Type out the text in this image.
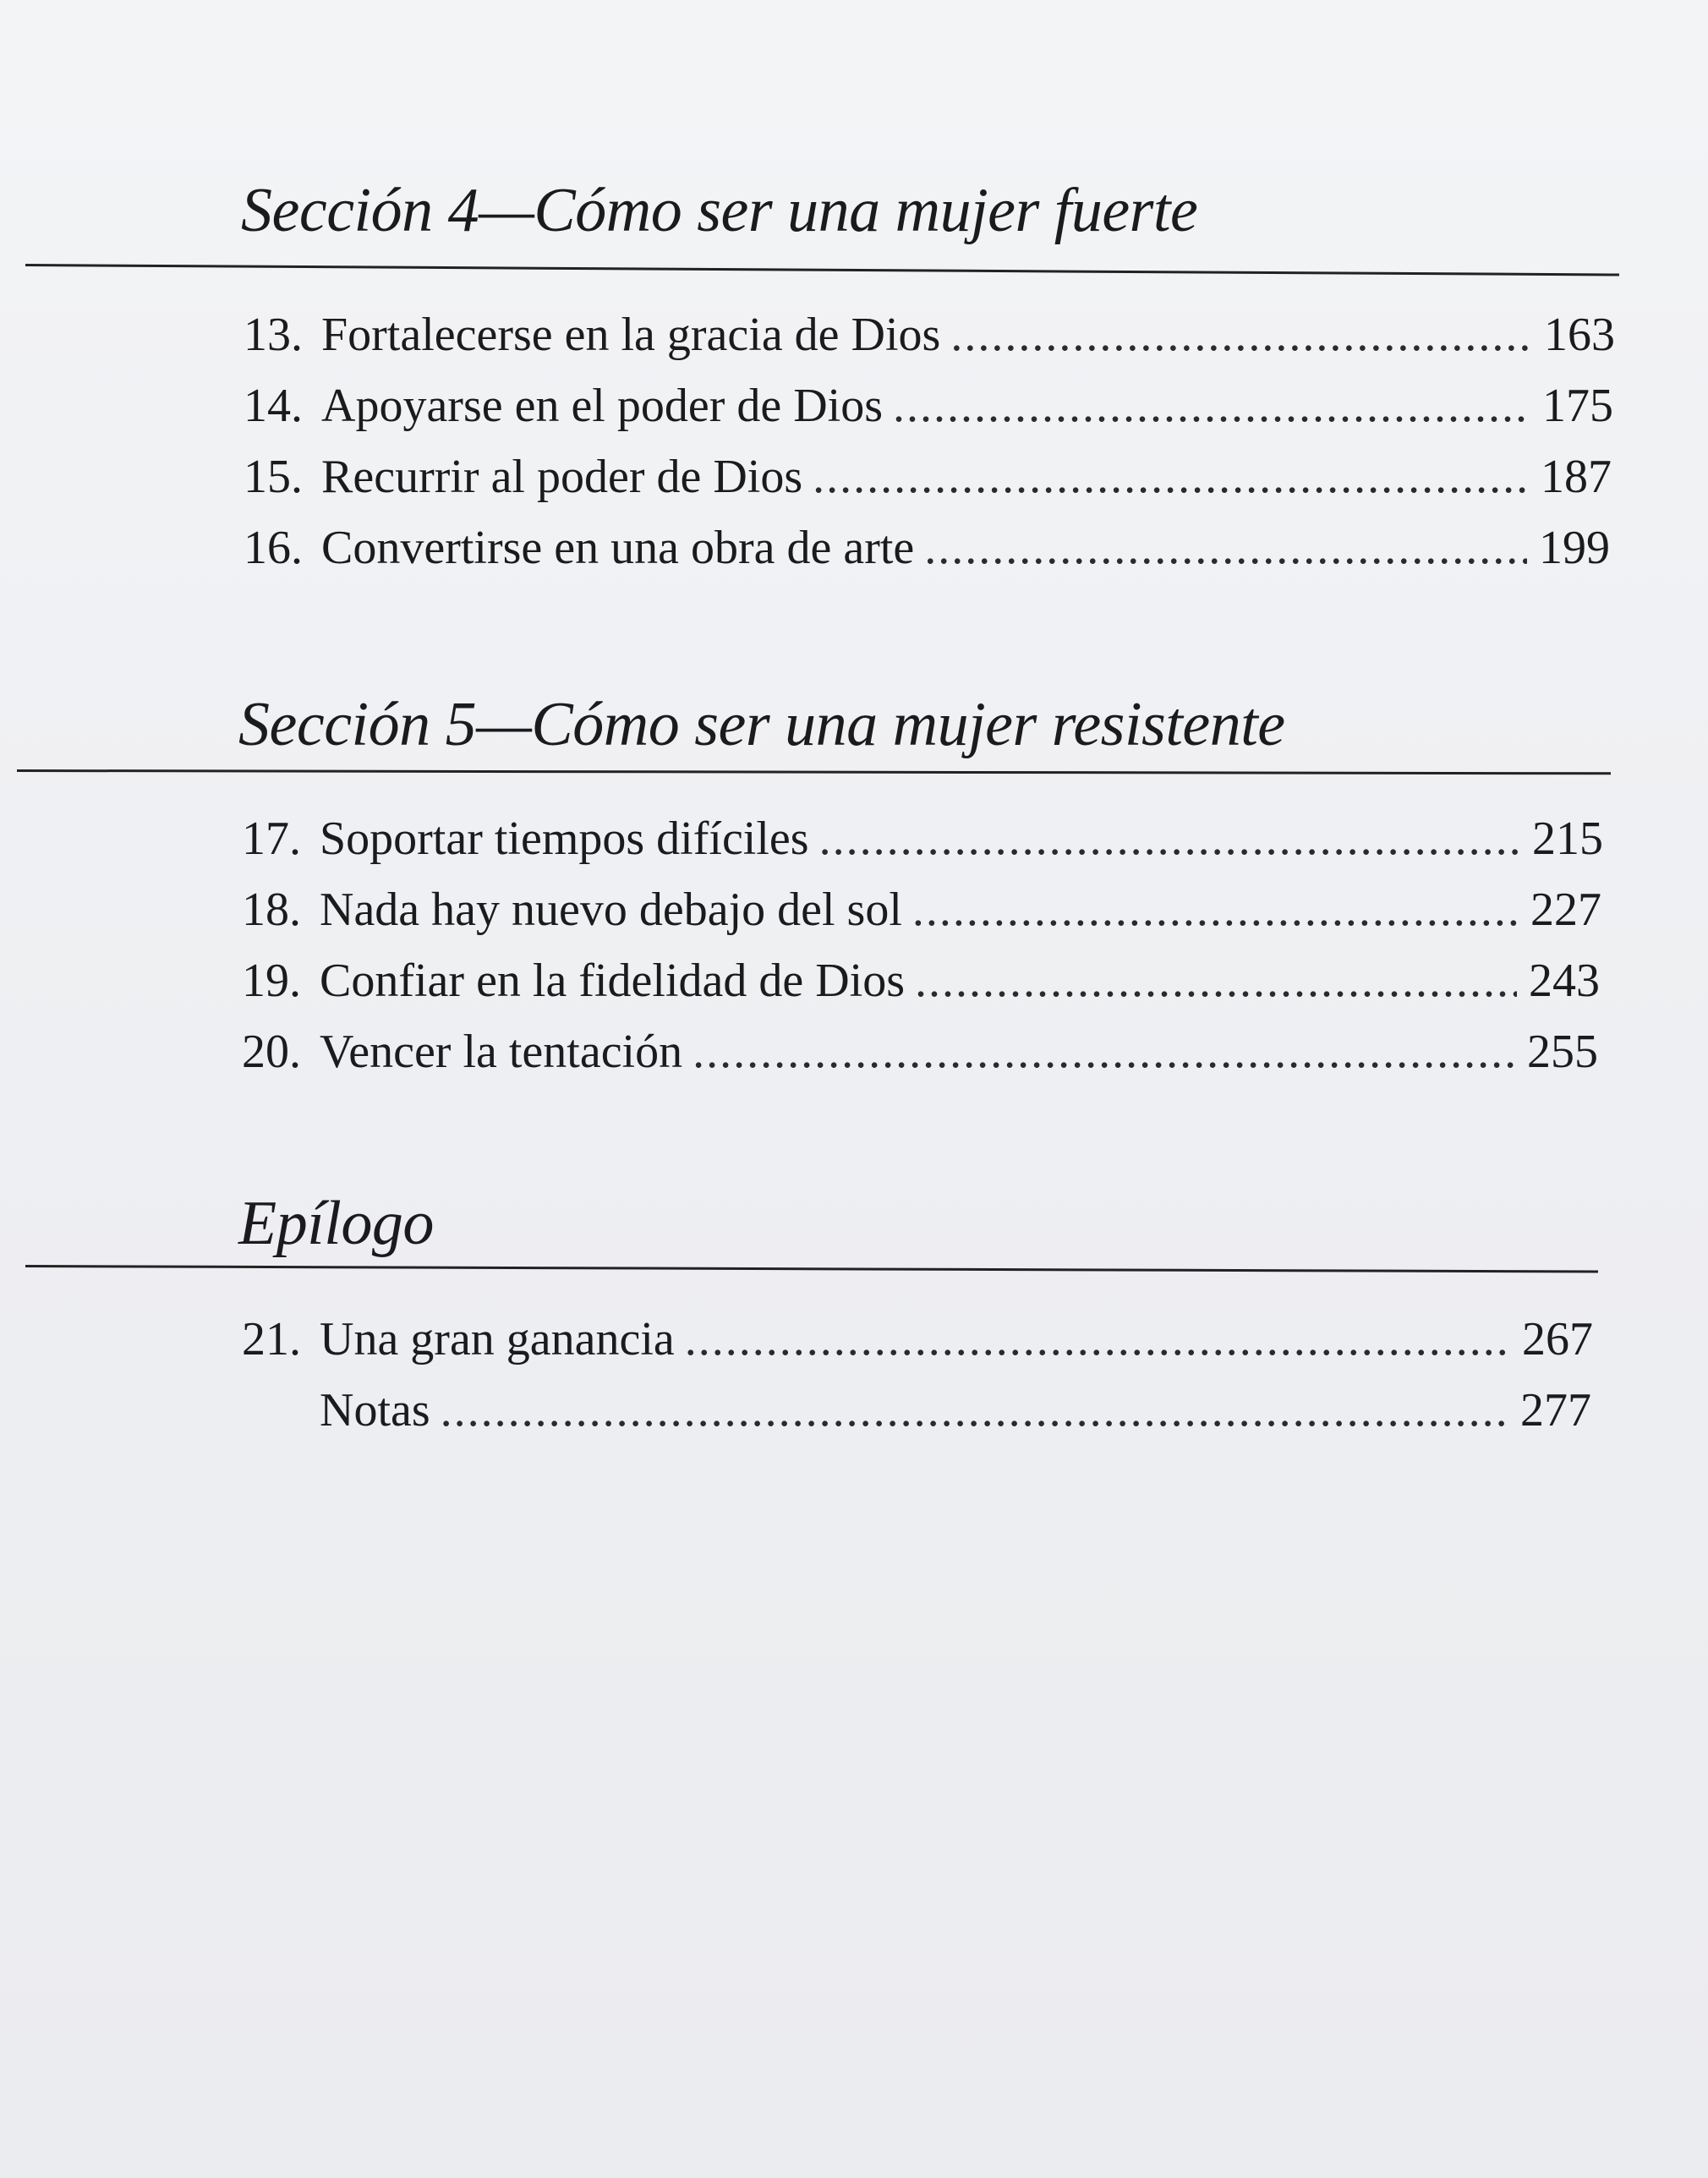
Sección 4—Cómo ser una mujer fuerte
13. Fortalecerse en la gracia de Dios . . .	163
14. Apoyarse en el poder de Dios . . .	175
15. Recurrir al poder de Dios . . .	187
16. Convertirse en una obra de arte . . .	199
Sección 5—Cómo ser una mujer resistente
17. Soportar tiempos difíciles . . .	215
18. Nada hay nuevo debajo del sol . . .	227
19. Confiar en la fidelidad de Dios . . .	243
20. Vencer la tentación . . .	255
Epílogo
21. Una gran ganancia . . .	267
Notas . . .	277
